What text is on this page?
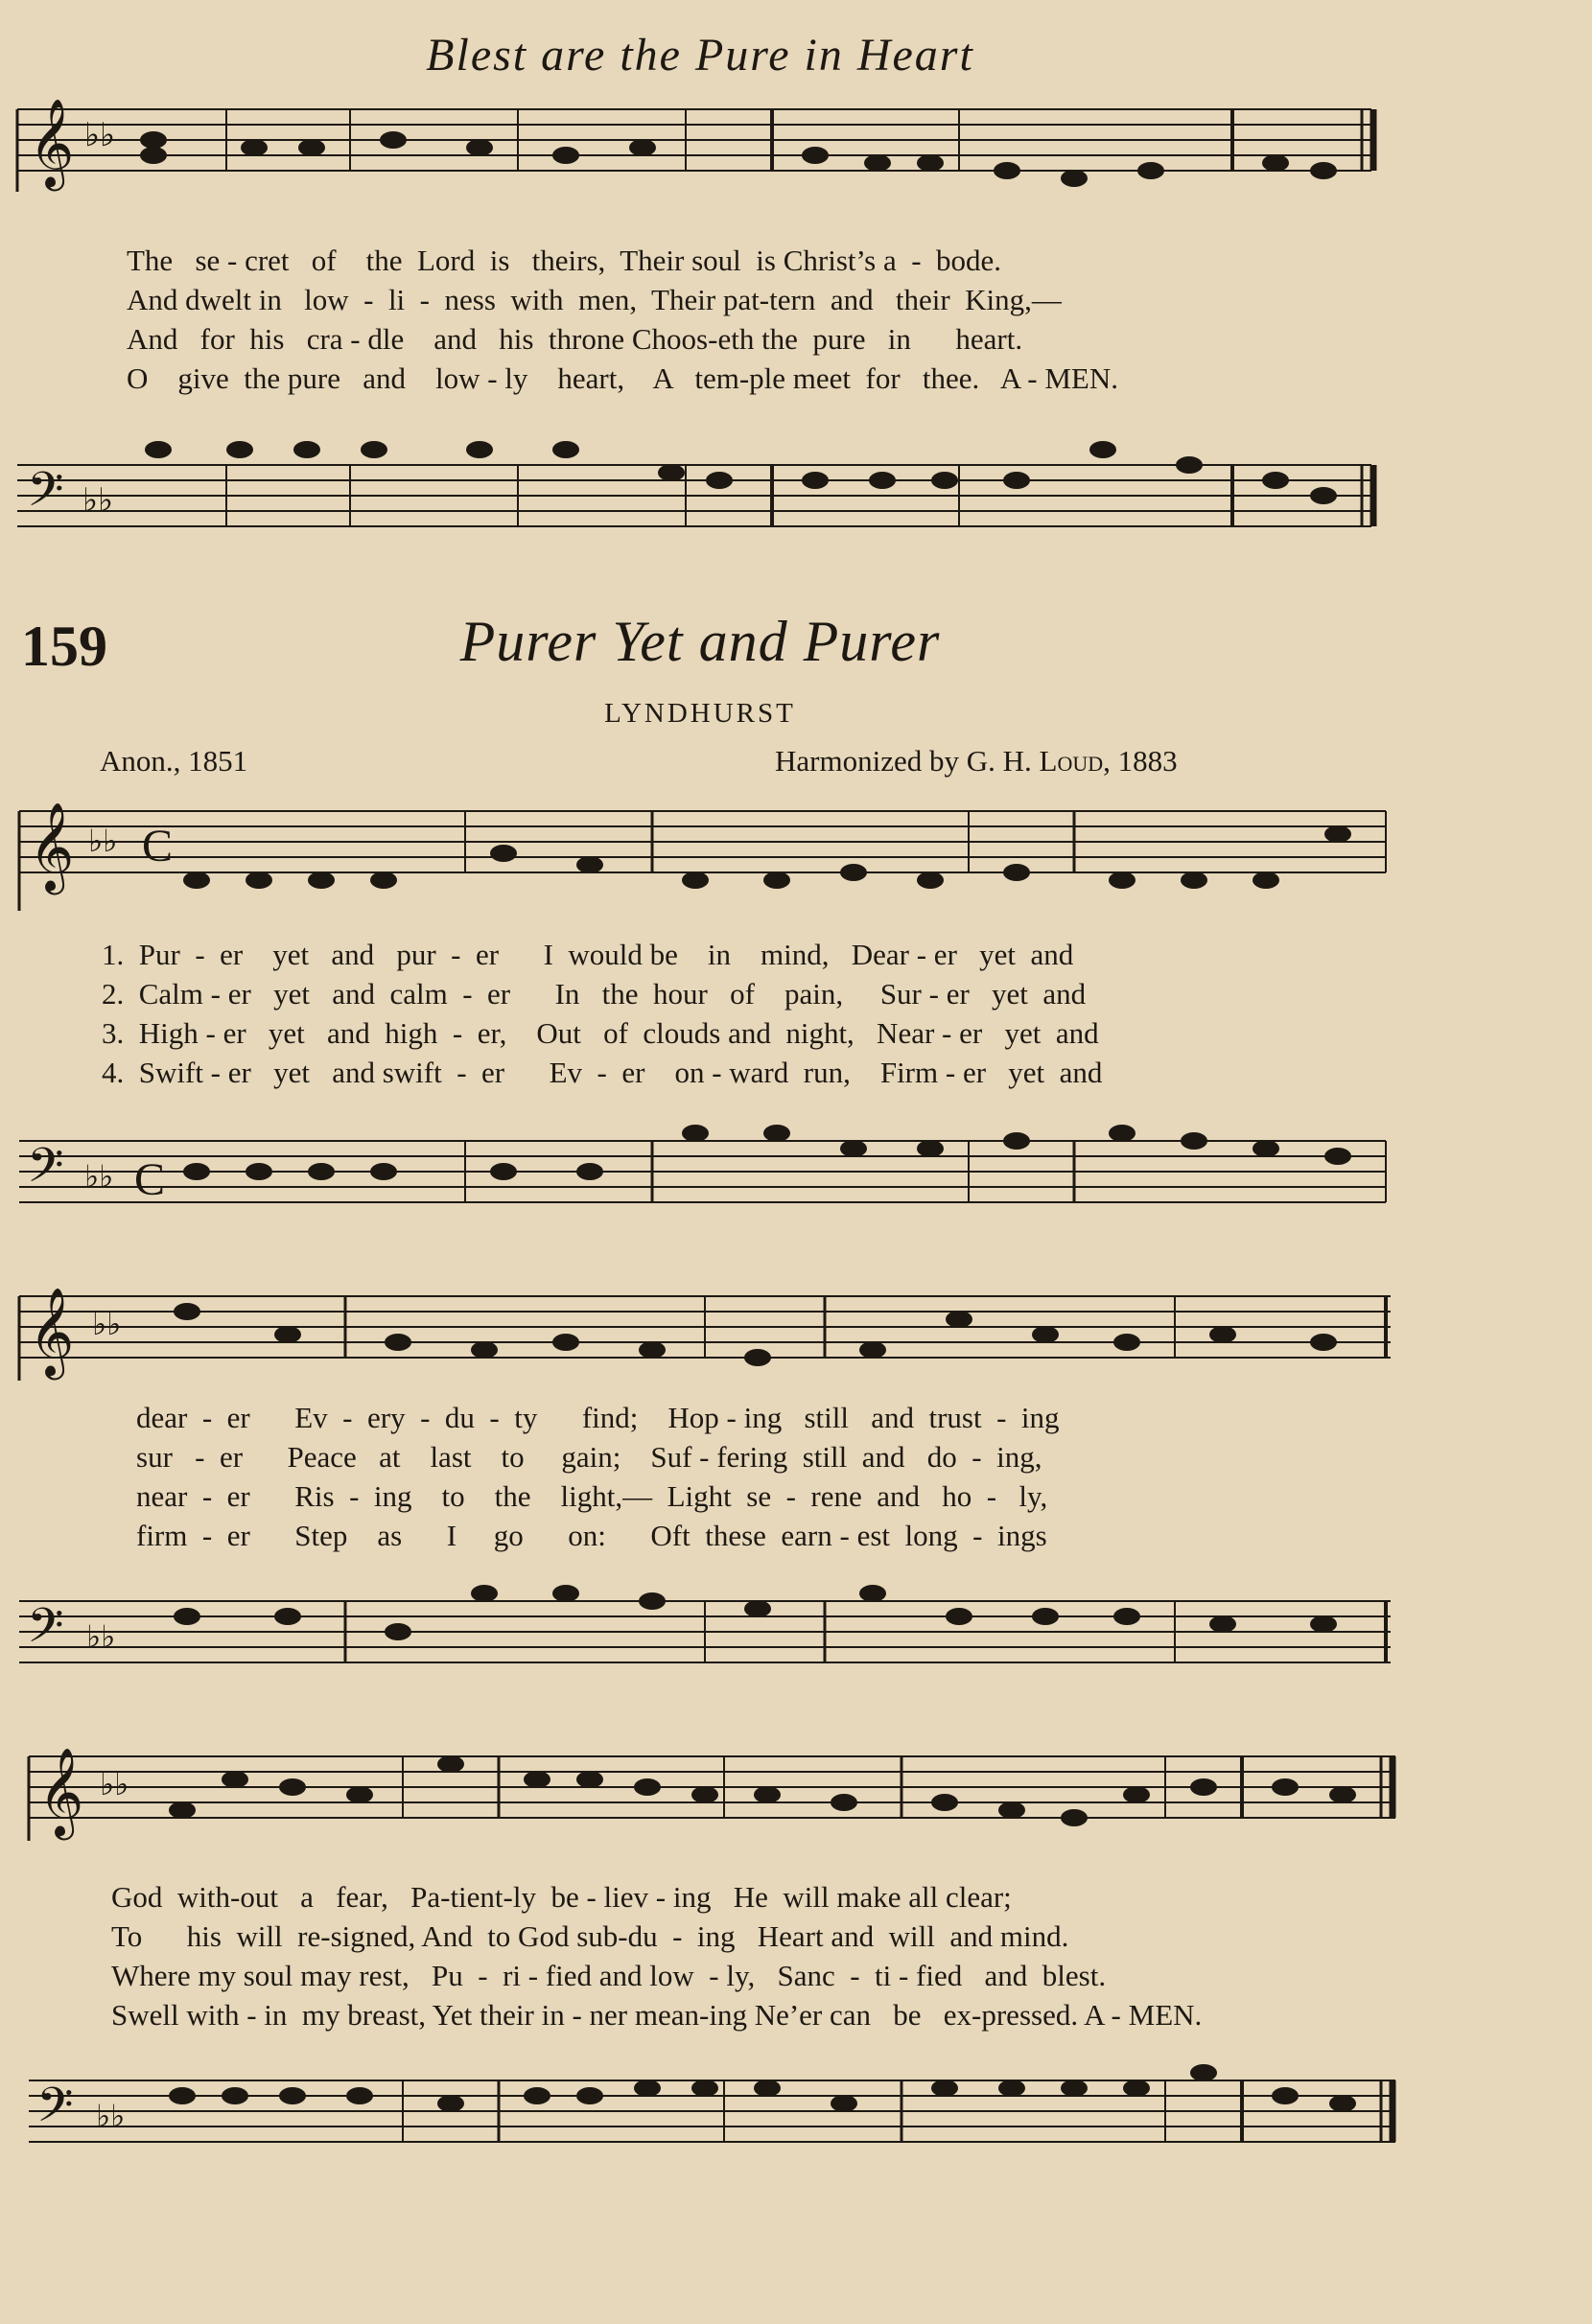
Blest are the Pure in Heart
𝄞 ♭♭
The   se - cret   of    the  Lord  is   theirs,  Their soul  is Christ’s a  -  bode.
And dwelt in   low  -  li  -  ness  with  men,  Their pat-tern  and   their  King,—
And   for  his   cra - dle    and   his  throne Choos-eth the  pure   in      heart.
O    give  the pure   and    low - ly    heart,    A   tem-ple meet  for   thee.   A - MEN.
𝄢 ♭♭
159	Purer Yet and Purer
LYNDHURST
Anon., 1851	Harmonized by G. H. Loud, 1883
𝄞 ♭♭ C
1.  Pur  -  er    yet   and   pur  -  er      I  would be    in    mind,   Dear - er   yet  and
2.  Calm - er   yet   and  calm  -  er      In   the  hour   of    pain,     Sur - er   yet  and
3.  High - er   yet   and  high  -  er,    Out   of  clouds and  night,   Near - er   yet  and
4.  Swift - er   yet   and swift  -  er      Ev  -  er    on - ward  run,    Firm - er   yet  and
𝄢 ♭♭ C
𝄞 ♭♭
dear  -  er      Ev  -  ery  -  du  -  ty      find;    Hop - ing   still   and  trust  -  ing
sur   -  er      Peace   at    last    to     gain;    Suf - fering  still  and   do  -  ing,
near  -  er      Ris  -  ing    to    the    light,—  Light  se  -  rene  and   ho  -   ly,
firm  -  er      Step    as      I     go      on:      Oft  these  earn - est  long  -  ings
𝄢 ♭♭
𝄞 ♭♭
God  with-out   a   fear,   Pa-tient-ly  be - liev - ing   He  will make all clear;
To      his  will  re-signed, And  to God sub-du  -  ing   Heart and  will  and mind.
Where my soul may rest,   Pu  -  ri - fied and low  - ly,   Sanc  -  ti - fied   and  blest.
Swell with - in  my breast, Yet their in - ner mean-ing Ne’er can   be   ex-pressed. A - MEN.
𝄢 ♭♭
